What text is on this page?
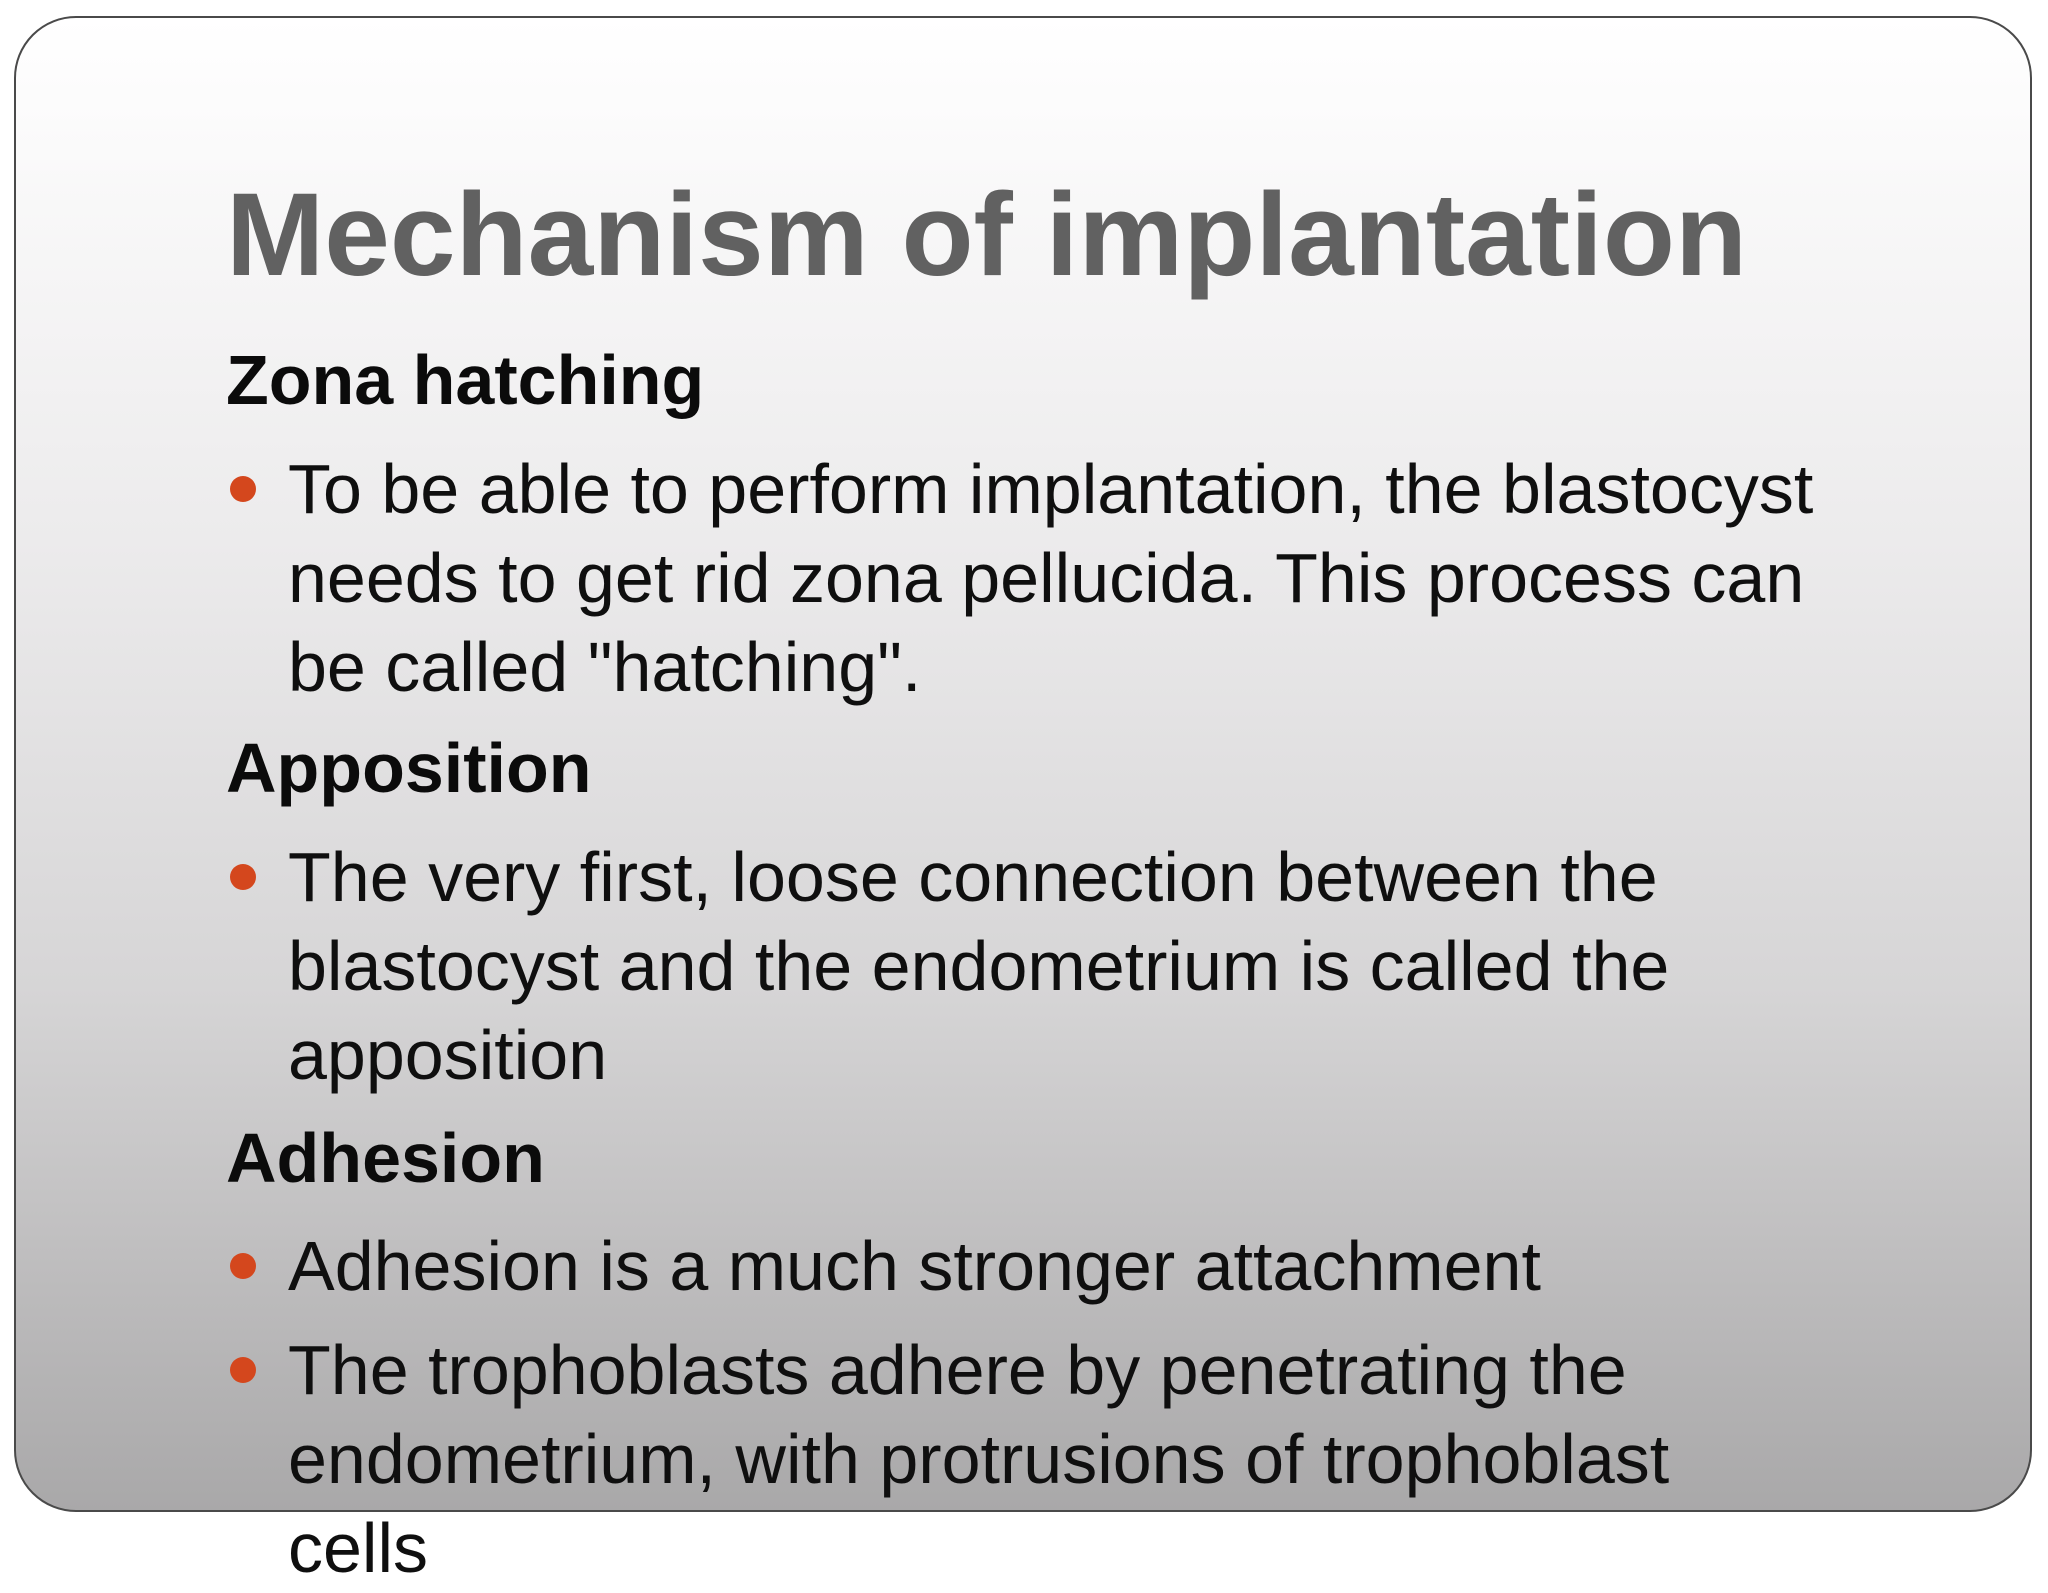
Mechanism of implantation
Zona hatching
To be able to perform implantation, the blastocyst
needs to get rid zona pellucida. This process can
be called "hatching".
Apposition
The very first, loose connection between the
blastocyst and the endometrium is called the
apposition
Adhesion
Adhesion is a much stronger attachment
The trophoblasts adhere by penetrating the
endometrium, with protrusions of trophoblast
cells
